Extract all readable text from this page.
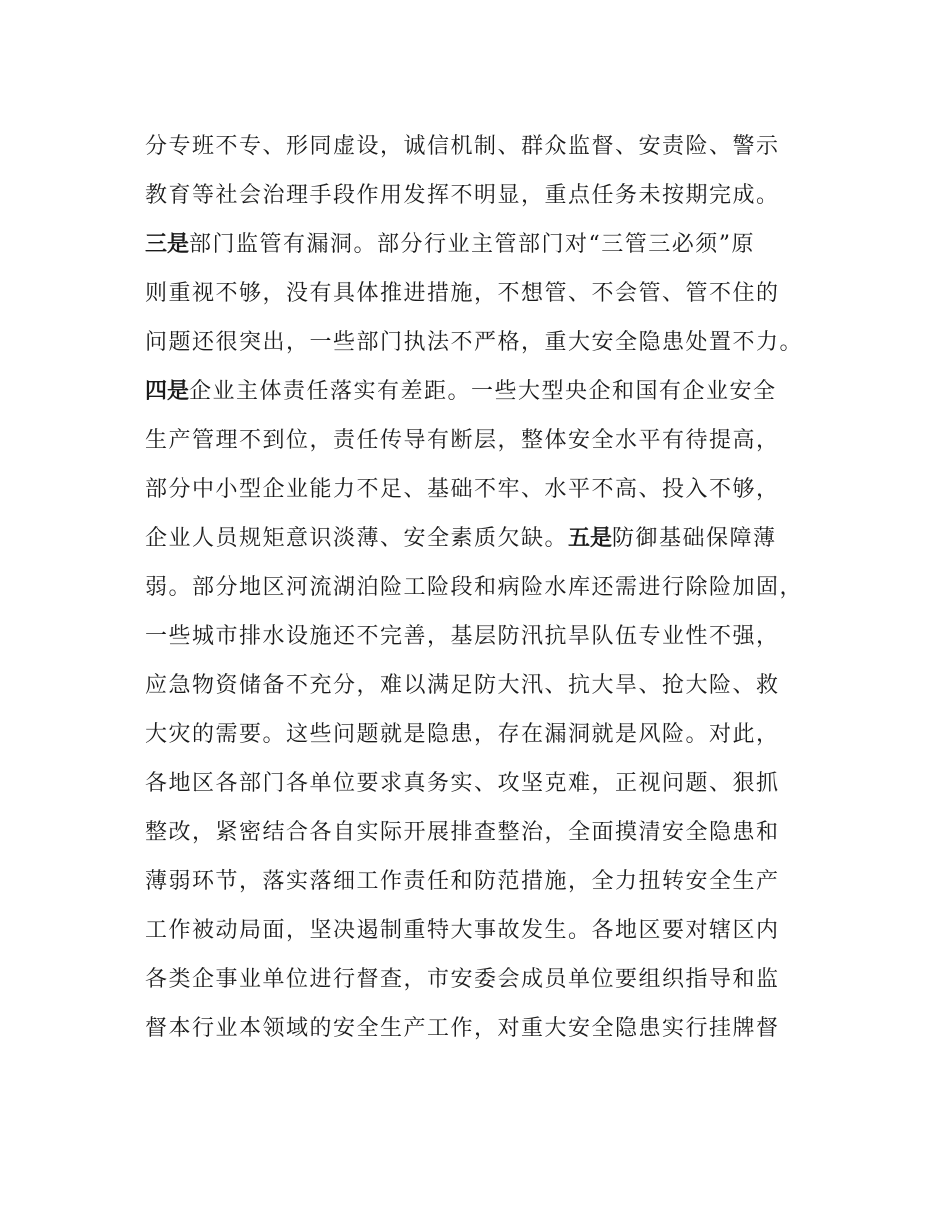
分专班不专、形同虚设，诚信机制、群众监督、安责险、警示
教育等社会治理手段作用发挥不明显，重点任务未按期完成。
三是部门监管有漏洞。部分行业主管部门对“三管三必须”原
则重视不够，没有具体推进措施，不想管、不会管、管不住的
问题还很突出，一些部门执法不严格，重大安全隐患处置不力。
四是企业主体责任落实有差距。一些大型央企和国有企业安全
生产管理不到位，责任传导有断层，整体安全水平有待提高，
部分中小型企业能力不足、基础不牢、水平不高、投入不够，
企业人员规矩意识淡薄、安全素质欠缺。五是防御基础保障薄
弱。部分地区河流湖泊险工险段和病险水库还需进行除险加固，
一些城市排水设施还不完善，基层防汛抗旱队伍专业性不强，
应急物资储备不充分，难以满足防大汛、抗大旱、抢大险、救
大灾的需要。这些问题就是隐患，存在漏洞就是风险。对此，
各地区各部门各单位要求真务实、攻坚克难，正视问题、狠抓
整改，紧密结合各自实际开展排查整治，全面摸清安全隐患和
薄弱环节，落实落细工作责任和防范措施，全力扭转安全生产
工作被动局面，坚决遏制重特大事故发生。各地区要对辖区内
各类企事业单位进行督查，市安委会成员单位要组织指导和监
督本行业本领域的安全生产工作，对重大安全隐患实行挂牌督
